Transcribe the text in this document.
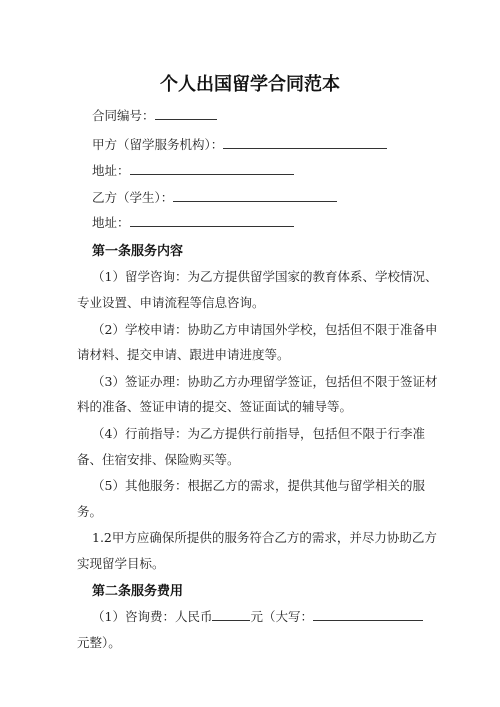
个人出国留学合同范本
合同编号：
甲方（留学服务机构）：
地址：
乙方（学生）：
地址：
第一条服务内容
（1）留学咨询：为乙方提供留学国家的教育体系、学校情况、
专业设置、申请流程等信息咨询。
（2）学校申请：协助乙方申请国外学校，包括但不限于准备申
请材料、提交申请、跟进申请进度等。
（3）签证办理：协助乙方办理留学签证，包括但不限于签证材
料的准备、签证申请的提交、签证面试的辅导等。
（4）行前指导：为乙方提供行前指导，包括但不限于行李准
备、住宿安排、保险购买等。
（5）其他服务：根据乙方的需求，提供其他与留学相关的服
务。
1.2甲方应确保所提供的服务符合乙方的需求，并尽力协助乙方
实现留学目标。
第二条服务费用
（1）咨询费：人民币	元（大写：
元整）。
